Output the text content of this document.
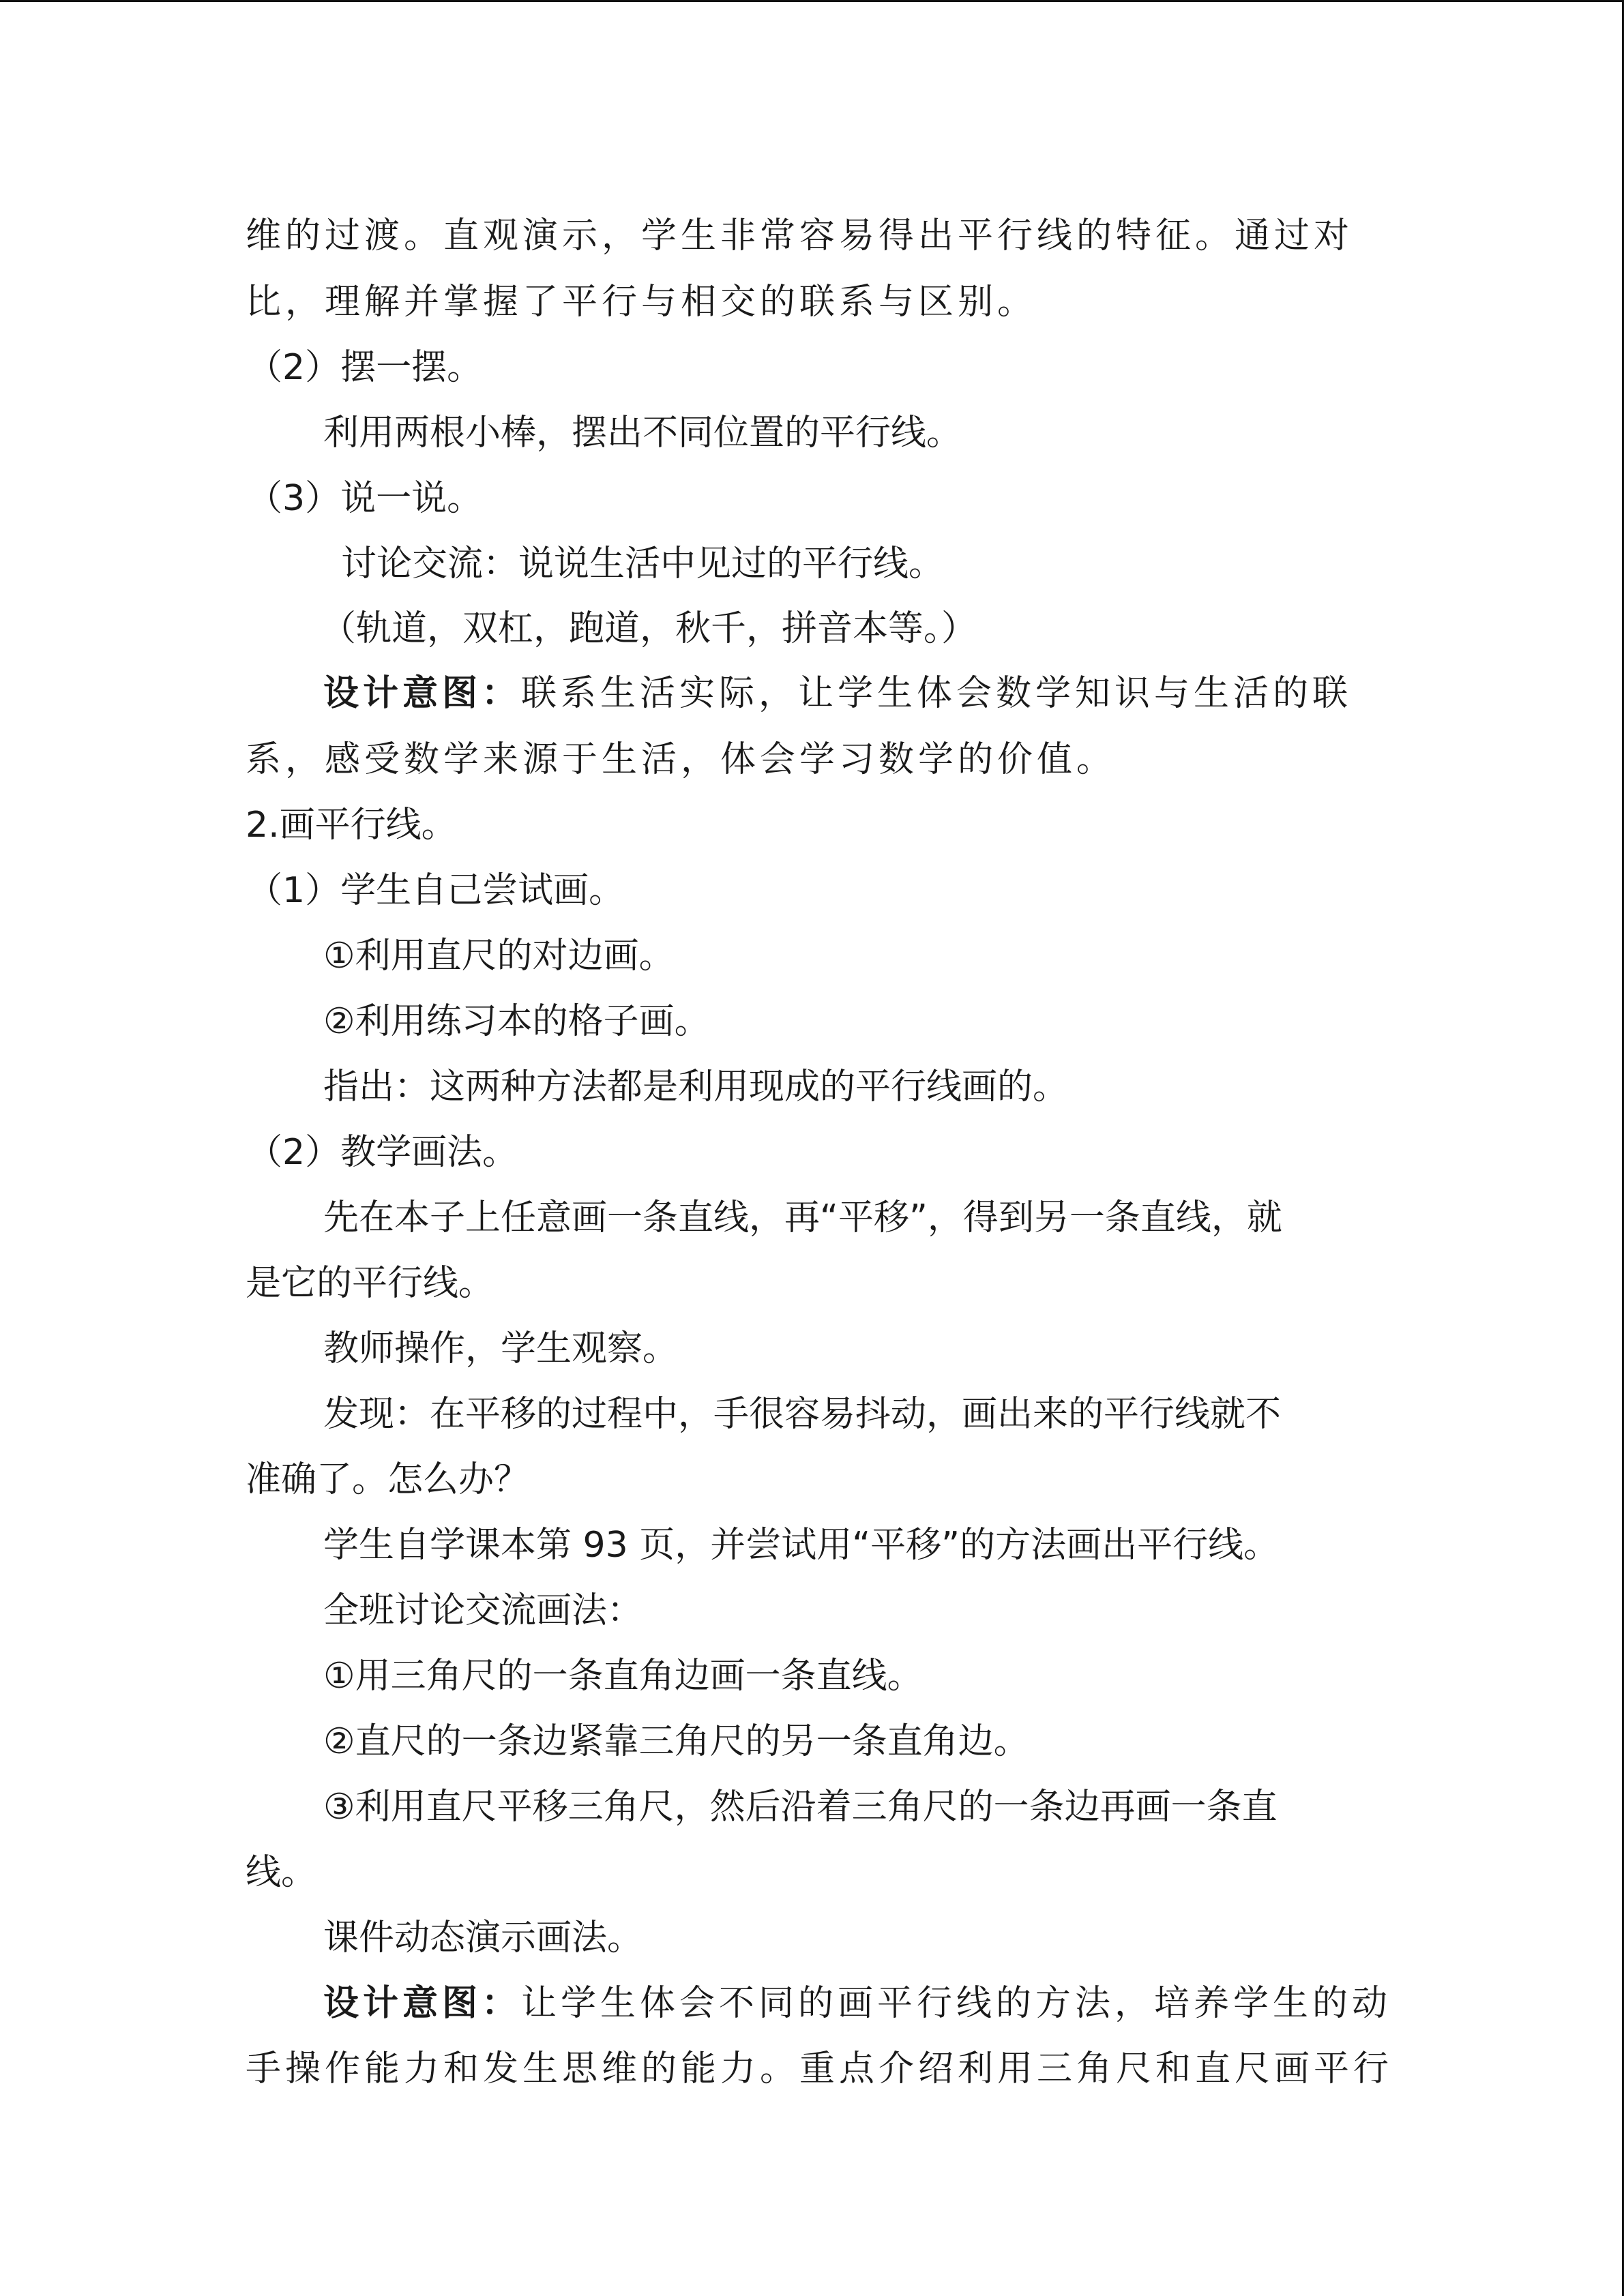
维的过渡。直观演示，学生非常容易得出平行线的特征。通过对
比，理解并掌握了平行与相交的联系与区别。
（2）摆一摆。
利用两根小棒，摆出不同位置的平行线。
（3）说一说。
讨论交流：说说生活中见过的平行线。
（轨道，双杠，跑道，秋千，拼音本等。）
设计意图：联系生活实际，让学生体会数学知识与生活的联
系，感受数学来源于生活，体会学习数学的价值。
2.画平行线。
（1）学生自己尝试画。
①利用直尺的对边画。
②利用练习本的格子画。
指出：这两种方法都是利用现成的平行线画的。
（2）教学画法。
先在本子上任意画一条直线，再“平移”，得到另一条直线，就
是它的平行线。
教师操作，学生观察。
发现：在平移的过程中，手很容易抖动，画出来的平行线就不
准确了。怎么办？
学生自学课本第 93 页，并尝试用“平移”的方法画出平行线。
全班讨论交流画法：
①用三角尺的一条直角边画一条直线。
②直尺的一条边紧靠三角尺的另一条直角边。
③利用直尺平移三角尺，然后沿着三角尺的一条边再画一条直
线。
课件动态演示画法。
设计意图：让学生体会不同的画平行线的方法，培养学生的动
手操作能力和发生思维的能力。重点介绍利用三角尺和直尺画平行
